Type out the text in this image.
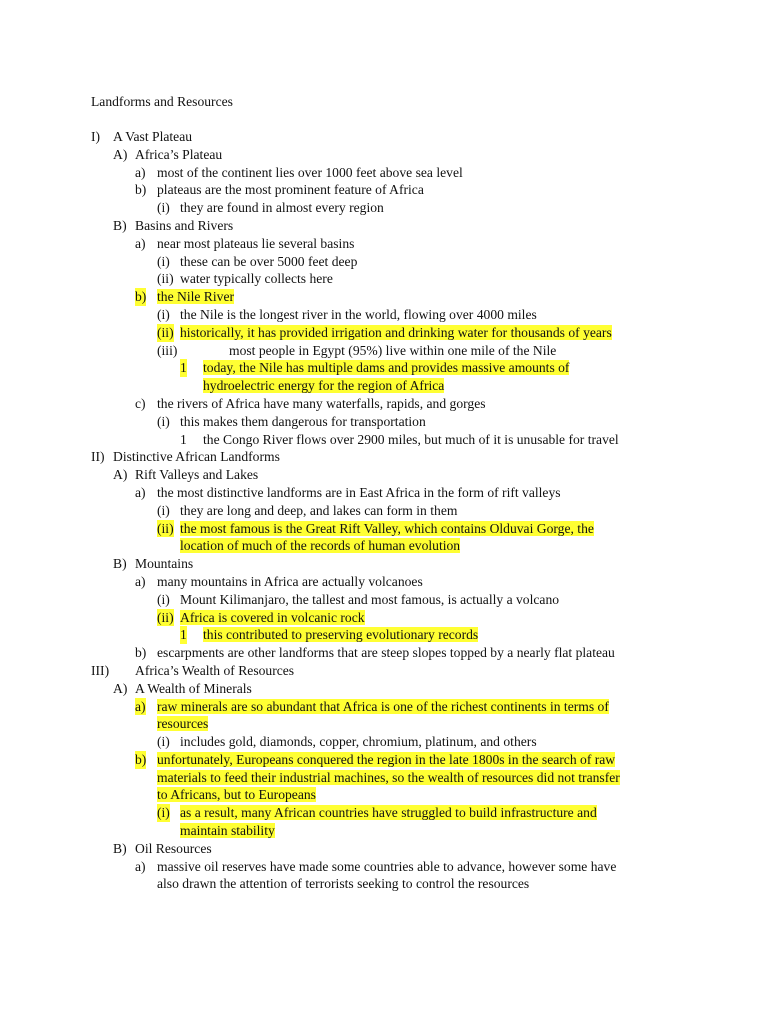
Landforms and Resources
I) A Vast Plateau
A) Africa’s Plateau
a) most of the continent lies over 1000 feet above sea level
b) plateaus are the most prominent feature of Africa
(i) they are found in almost every region
B) Basins and Rivers
a) near most plateaus lie several basins
(i) these can be over 5000 feet deep
(ii) water typically collects here
b) the Nile River
(i) the Nile is the longest river in the world, flowing over 4000 miles
(ii) historically, it has provided irrigation and drinking water for thousands of years
(iii)	most people in Egypt (95%) live within one mile of the Nile
1 today, the Nile has multiple dams and provides massive amounts of
hydroelectric energy for the region of Africa
c) the rivers of Africa have many waterfalls, rapids, and gorges
(i) this makes them dangerous for transportation
1 the Congo River flows over 2900 miles, but much of it is unusable for travel
II) Distinctive African Landforms
A) Rift Valleys and Lakes
a) the most distinctive landforms are in East Africa in the form of rift valleys
(i) they are long and deep, and lakes can form in them
(ii) the most famous is the Great Rift Valley, which contains Olduvai Gorge, the
location of much of the records of human evolution
B) Mountains
a) many mountains in Africa are actually volcanoes
(i) Mount Kilimanjaro, the tallest and most famous, is actually a volcano
(ii) Africa is covered in volcanic rock
1 this contributed to preserving evolutionary records
b) escarpments are other landforms that are steep slopes topped by a nearly flat plateau
III) Africa’s Wealth of Resources
A) A Wealth of Minerals
a) raw minerals are so abundant that Africa is one of the richest continents in terms of
resources
(i) includes gold, diamonds, copper, chromium, platinum, and others
b) unfortunately, Europeans conquered the region in the late 1800s in the search of raw
materials to feed their industrial machines, so the wealth of resources did not transfer
to Africans, but to Europeans
(i) as a result, many African countries have struggled to build infrastructure and
maintain stability
B) Oil Resources
a) massive oil reserves have made some countries able to advance, however some have
also drawn the attention of terrorists seeking to control the resources
